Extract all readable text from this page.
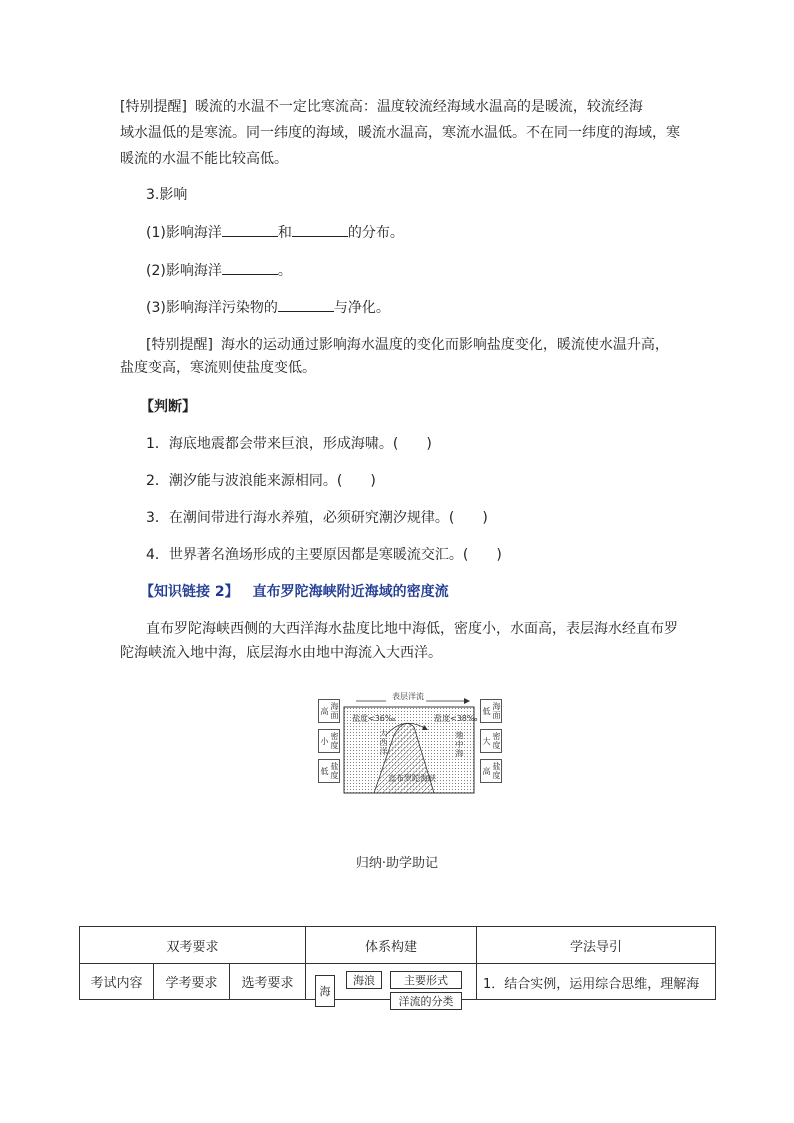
[特别提醒] 暖流的水温不一定比寒流高：温度较流经海域水温高的是暖流，较流经海

域水温低的是寒流。同一纬度的海域，暖流水温高，寒流水温低。不在同一纬度的海域，寒

暖流的水温不能比较高低。

3.影响

(1)影响海洋	和	的分布。

(2)影响海洋	。

(3)影响海洋污染物的	与净化。

[特别提醒] 海水的运动通过影响海水温度的变化而影响盐度变化，暖流使水温升高，

盐度变高，寒流则使盐度变低。

【判断】

1．海底地震都会带来巨浪，形成海啸。(　　)

2．潮汐能与波浪能来源相同。(　　)

3．在潮间带进行海水养殖，必须研究潮汐规律。(　　)

4．世界著名渔场形成的主要原因都是寒暖流交汇。(　　)

【知识链接 2】 直布罗陀海峡附近海域的密度流

直布罗陀海峡西侧的大西洋海水盐度比地中海低，密度小，水面高，表层海水经直布罗

陀海峡流入地中海，底层海水由地中海流入大西洋。

表层洋流
盐度<36‰	盐度<38‰
大西洋	地中海
直布罗陀海峡
海面高
密度小
盐度低
海面低
密度大
盐度高
归纳·助学助记
双考要求	体系构建	学法导引
考试内容	学考要求	选考要求
海
海浪	主要形式
洋流的分类
1．结合实例，运用综合思维，理解海
